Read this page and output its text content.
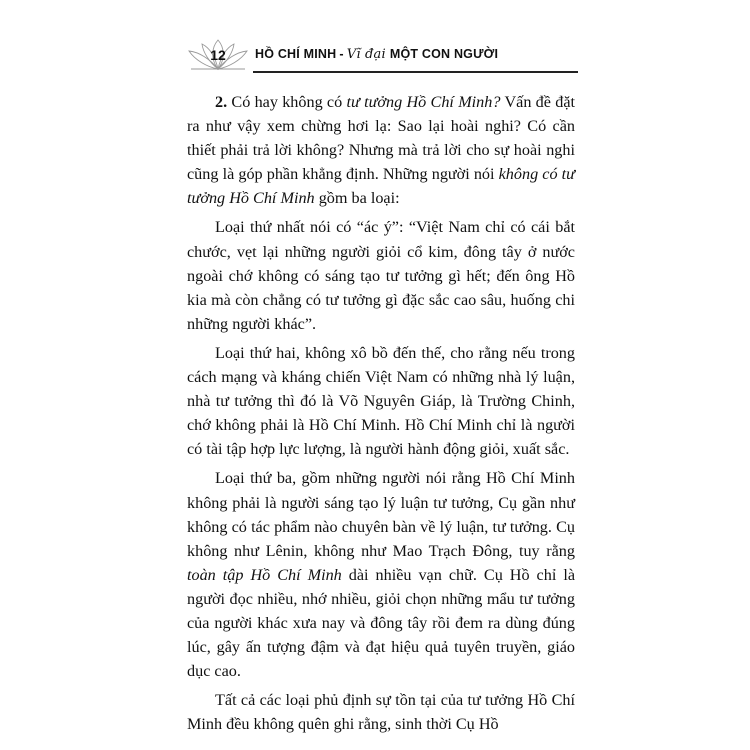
12	HỒ CHÍ MINH - Vĩ đại MỘT CON NGƯỜI

2. Có hay không có tư tưởng Hồ Chí Minh? Vấn đề đặt ra như vậy xem chừng hơi lạ: Sao lại hoài nghi? Có cần thiết phải trả lời không? Nhưng mà trả lời cho sự hoài nghi cũng là góp phần khẳng định. Những người nói không có tư tưởng Hồ Chí Minh gồm ba loại:

Loại thứ nhất nói có “ác ý”: “Việt Nam chỉ có cái bắt chước, vẹt lại những người giỏi cổ kim, đông tây ở nước ngoài chớ không có sáng tạo tư tưởng gì hết; đến ông Hồ kia mà còn chẳng có tư tưởng gì đặc sắc cao sâu, huống chi những người khác”.

Loại thứ hai, không xô bồ đến thế, cho rằng nếu trong cách mạng và kháng chiến Việt Nam có những nhà lý luận, nhà tư tưởng thì đó là Võ Nguyên Giáp, là Trường Chinh, chớ không phải là Hồ Chí Minh. Hồ Chí Minh chỉ là người có tài tập hợp lực lượng, là người hành động giỏi, xuất sắc.

Loại thứ ba, gồm những người nói rằng Hồ Chí Minh không phải là người sáng tạo lý luận tư tưởng, Cụ gần như không có tác phẩm nào chuyên bàn về lý luận, tư tưởng. Cụ không như Lênin, không như Mao Trạch Đông, tuy rằng toàn tập Hồ Chí Minh dài nhiều vạn chữ. Cụ Hồ chỉ là người đọc nhiều, nhớ nhiều, giỏi chọn những mẩu tư tưởng của người khác xưa nay và đông tây rồi đem ra dùng đúng lúc, gây ấn tượng đậm và đạt hiệu quả tuyên truyền, giáo dục cao.

Tất cả các loại phủ định sự tồn tại của tư tưởng Hồ Chí Minh đều không quên ghi rằng, sinh thời Cụ Hồ
